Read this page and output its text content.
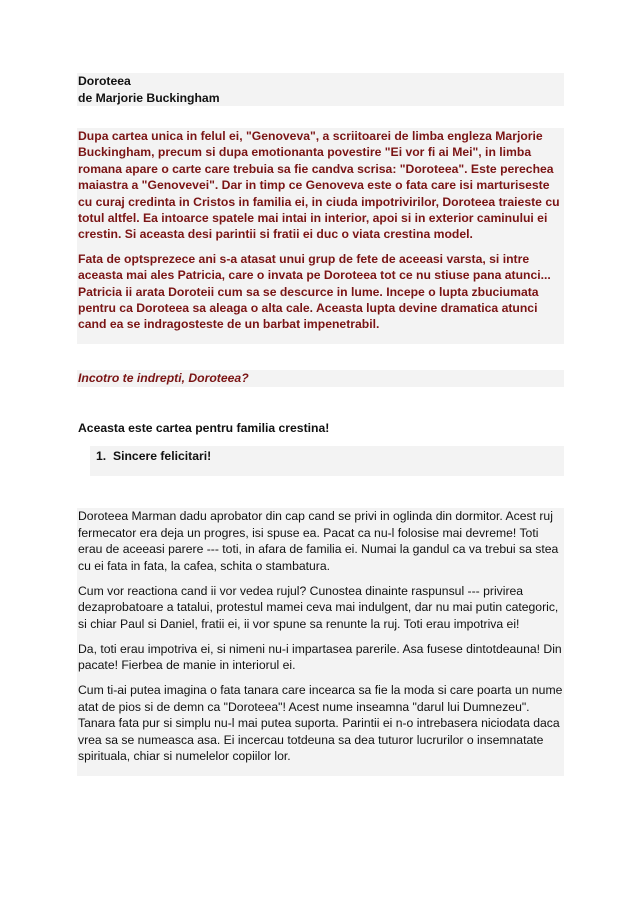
Doroteea
de Marjorie Buckingham

Dupa cartea unica in felul ei, "Genoveva", a scriitoarei de limba engleza Marjorie Buckingham, precum si dupa emotionanta povestire "Ei vor fi ai Mei", in limba romana apare o carte care trebuia sa fie candva scrisa: "Doroteea". Este perechea maiastra a "Genovevei". Dar in timp ce Genoveva este o fata care isi marturiseste cu curaj credinta in Cristos in familia ei, in ciuda impotrivirilor, Doroteea traieste cu totul altfel. Ea intoarce spatele mai intai in interior, apoi si in exterior caminului ei crestin. Si aceasta desi parintii si fratii ei duc o viata crestina model.

Fata de optsprezece ani s-a atasat unui grup de fete de aceeasi varsta, si intre aceasta mai ales Patricia, care o invata pe Doroteea tot ce nu stiuse pana atunci... Patricia ii arata Doroteii cum sa se descurce in lume. Incepe o lupta zbuciumata pentru ca Doroteea sa aleaga o alta cale. Aceasta lupta devine dramatica atunci cand ea se indragosteste de un barbat impenetrabil.

Incotro te indrepti, Doroteea?
Aceasta este cartea pentru familia crestina!
1. Sincere felicitari!

Doroteea Marman dadu aprobator din cap cand se privi in oglinda din dormitor. Acest ruj fermecator era deja un progres, isi spuse ea. Pacat ca nu-l folosise mai devreme! Toti erau de aceeasi parere --- toti, in afara de familia ei. Numai la gandul ca va trebui sa stea cu ei fata in fata, la cafea, schita o stambatura.

Cum vor reactiona cand ii vor vedea rujul? Cunostea dinainte raspunsul --- privirea dezaprobatoare a tatalui, protestul mamei ceva mai indulgent, dar nu mai putin categoric, si chiar Paul si Daniel, fratii ei, ii vor spune sa renunte la ruj. Toti erau impotriva ei!

Da, toti erau impotriva ei, si nimeni nu-i impartasea parerile. Asa fusese dintotdeauna! Din pacate! Fierbea de manie in interiorul ei.

Cum ti-ai putea imagina o fata tanara care incearca sa fie la moda si care poarta un nume atat de pios si de demn ca "Doroteea"! Acest nume inseamna "darul lui Dumnezeu". Tanara fata pur si simplu nu-l mai putea suporta. Parintii ei n-o intrebasera niciodata daca vrea sa se numeasca asa. Ei incercau totdeuna sa dea tuturor lucrurilor o insemnatate spirituala, chiar si numelelor copiilor lor.
